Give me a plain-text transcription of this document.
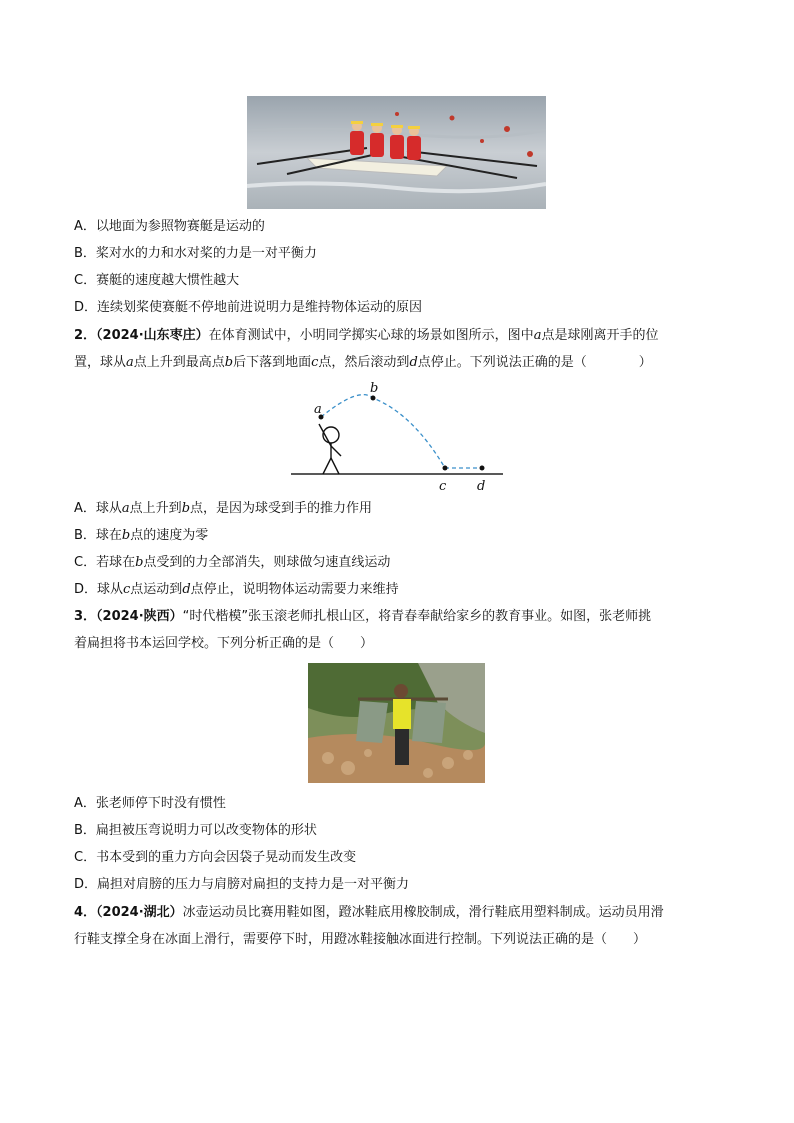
A．以地面为参照物赛艇是运动的
B．桨对水的力和水对桨的力是一对平衡力
C．赛艇的速度越大惯性越大
D．连续划桨使赛艇不停地前进说明力是维持物体运动的原因
2．（2024·山东枣庄）在体育测试中，小明同学掷实心球的场景如图所示，图中a点是球刚离开手的位
置，球从a点上升到最高点b后下落到地面c点，然后滚动到d点停止。下列说法正确的是（　　　　）
a
b
c d
A．球从a点上升到b点，是因为球受到手的推力作用
B．球在b点的速度为零
C．若球在b点受到的力全部消失，则球做匀速直线运动
D．球从c点运动到d点停止，说明物体运动需要力来维持
3．（2024·陕西）“时代楷模”张玉滚老师扎根山区，将青春奉献给家乡的教育事业。如图，张老师挑
着扁担将书本运回学校。下列分析正确的是（　　）
A．张老师停下时没有惯性
B．扁担被压弯说明力可以改变物体的形状
C．书本受到的重力方向会因袋子晃动而发生改变
D．扁担对肩膀的压力与肩膀对扁担的支持力是一对平衡力
4．（2024·湖北）冰壶运动员比赛用鞋如图，蹬冰鞋底用橡胶制成，滑行鞋底用塑料制成。运动员用滑
行鞋支撑全身在冰面上滑行，需要停下时，用蹬冰鞋接触冰面进行控制。下列说法正确的是（　　）
